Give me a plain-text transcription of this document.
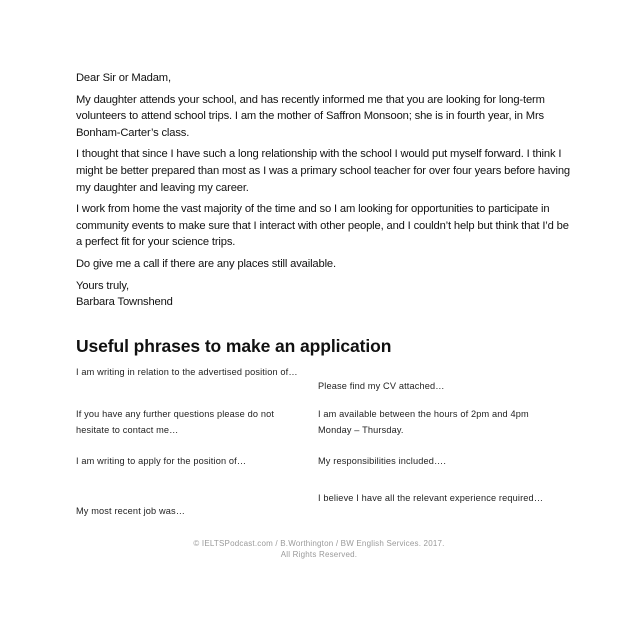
Dear Sir or Madam,

My daughter attends your school, and has recently informed me that you are looking for long-term volunteers to attend school trips. I am the mother of Saffron Monsoon; she is in fourth year, in Mrs Bonham-Carter’s class.

I thought that since I have such a long relationship with the school I would put myself forward. I think I might be better prepared than most as I was a primary school teacher for over four years before having my daughter and leaving my career.

I work from home the vast majority of the time and so I am looking for opportunities to participate in community events to make sure that I interact with other people, and I couldn’t help but think that I’d be a perfect fit for your science trips.

Do give me a call if there are any places still available.

Yours truly,
Barbara Townshend

Useful phrases to make an application
I am writing in relation to the advertised position of…
Please find my CV attached…
If you have any further questions please do not hesitate to contact me…
I am available between the hours of 2pm and 4pm Monday – Thursday.
I am writing to apply for the position of…	My responsibilities included….
My most recent job was…
I believe I have all the relevant experience required…
© IELTSPodcast.com / B.Worthington / BW English Services. 2017.
All Rights Reserved.
